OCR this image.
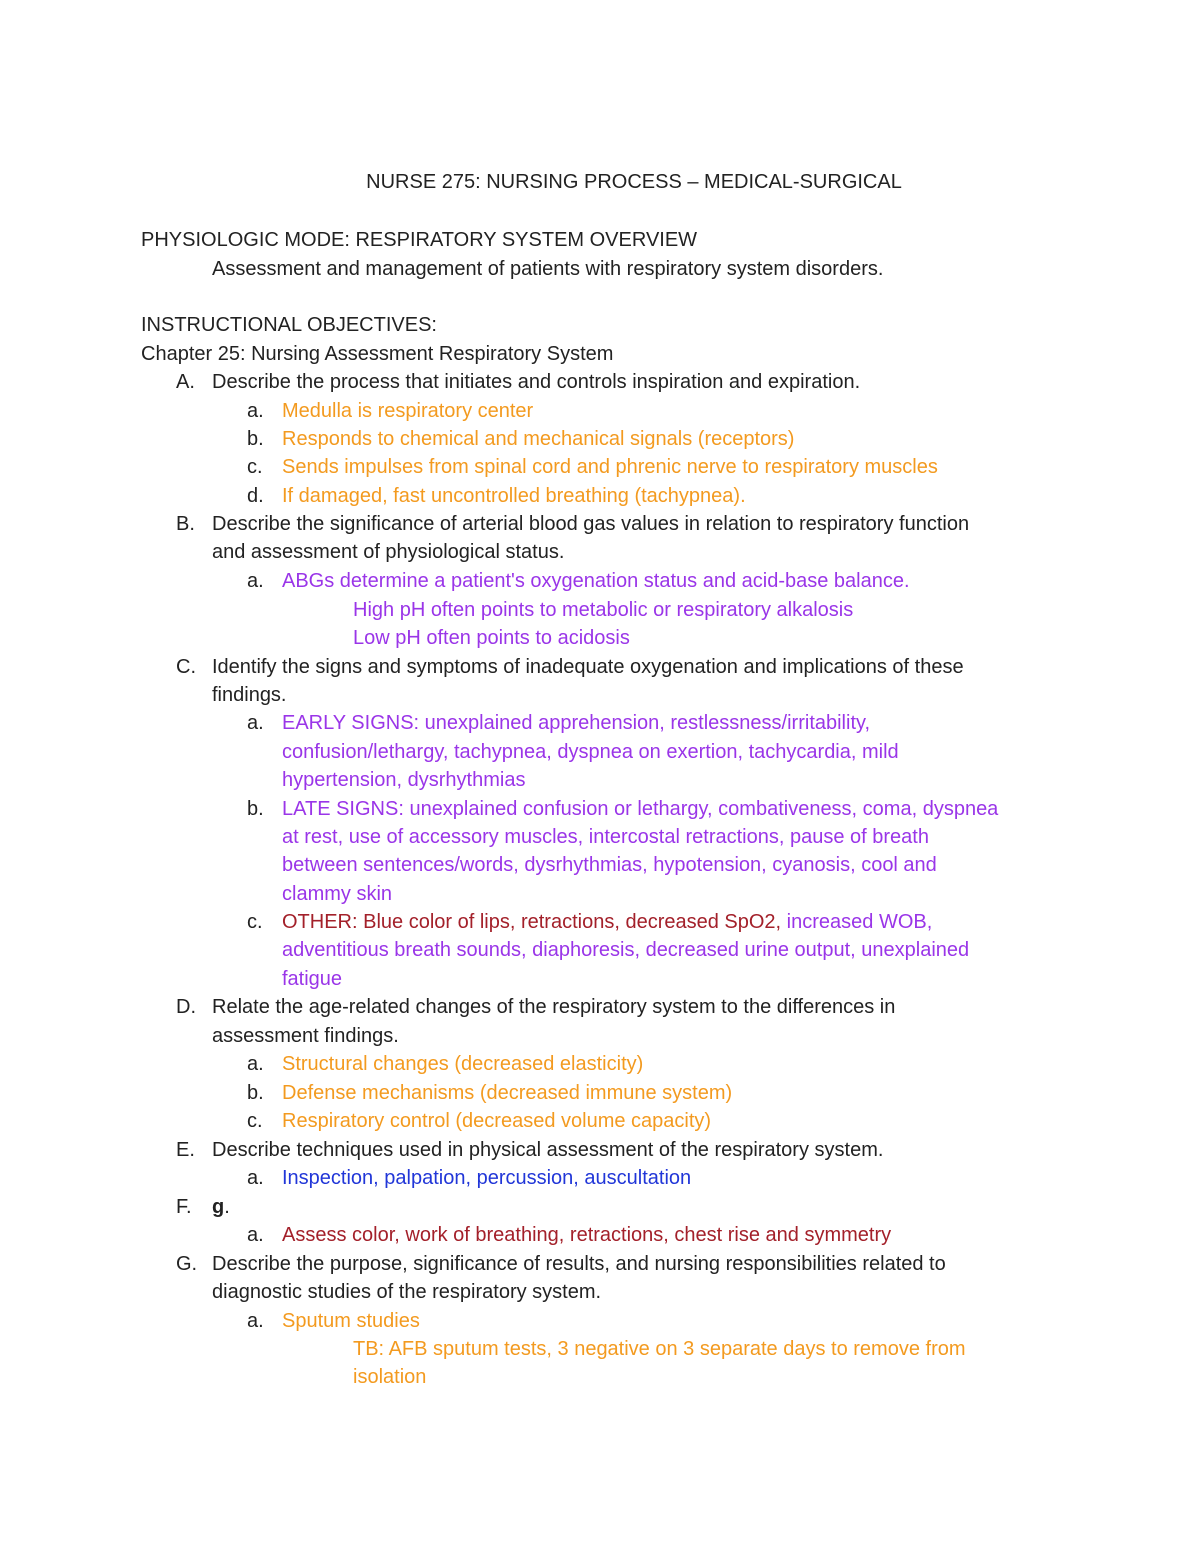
NURSE 275: NURSING PROCESS – MEDICAL-SURGICAL
PHYSIOLOGIC MODE: RESPIRATORY SYSTEM OVERVIEW
Assessment and management of patients with respiratory system disorders.
INSTRUCTIONAL OBJECTIVES:
Chapter 25: Nursing Assessment Respiratory System
A. Describe the process that initiates and controls inspiration and expiration.
a. Medulla is respiratory center
b. Responds to chemical and mechanical signals (receptors)
c. Sends impulses from spinal cord and phrenic nerve to respiratory muscles
d. If damaged, fast uncontrolled breathing (tachypnea).
B. Describe the significance of arterial blood gas values in relation to respiratory function
and assessment of physiological status.
a. ABGs determine a patient's oxygenation status and acid-base balance.
High pH often points to metabolic or respiratory alkalosis
Low pH often points to acidosis
C. Identify the signs and symptoms of inadequate oxygenation and implications of these
findings.
a. EARLY SIGNS: unexplained apprehension, restlessness/irritability,
confusion/lethargy, tachypnea, dyspnea on exertion, tachycardia, mild
hypertension, dysrhythmias
b. LATE SIGNS: unexplained confusion or lethargy, combativeness, coma, dyspnea
at rest, use of accessory muscles, intercostal retractions, pause of breath
between sentences/words, dysrhythmias, hypotension, cyanosis, cool and
clammy skin
c. OTHER: Blue color of lips, retractions, decreased SpO2, increased WOB,
adventitious breath sounds, diaphoresis, decreased urine output, unexplained
fatigue
D. Relate the age-related changes of the respiratory system to the differences in
assessment findings.
a. Structural changes (decreased elasticity)
b. Defense mechanisms (decreased immune system)
c. Respiratory control (decreased volume capacity)
E. Describe techniques used in physical assessment of the respiratory system.
a. Inspection, palpation, percussion, auscultation
F. g.
a. Assess color, work of breathing, retractions, chest rise and symmetry
G. Describe the purpose, significance of results, and nursing responsibilities related to
diagnostic studies of the respiratory system.
a. Sputum studies
TB: AFB sputum tests, 3 negative on 3 separate days to remove from
isolation
